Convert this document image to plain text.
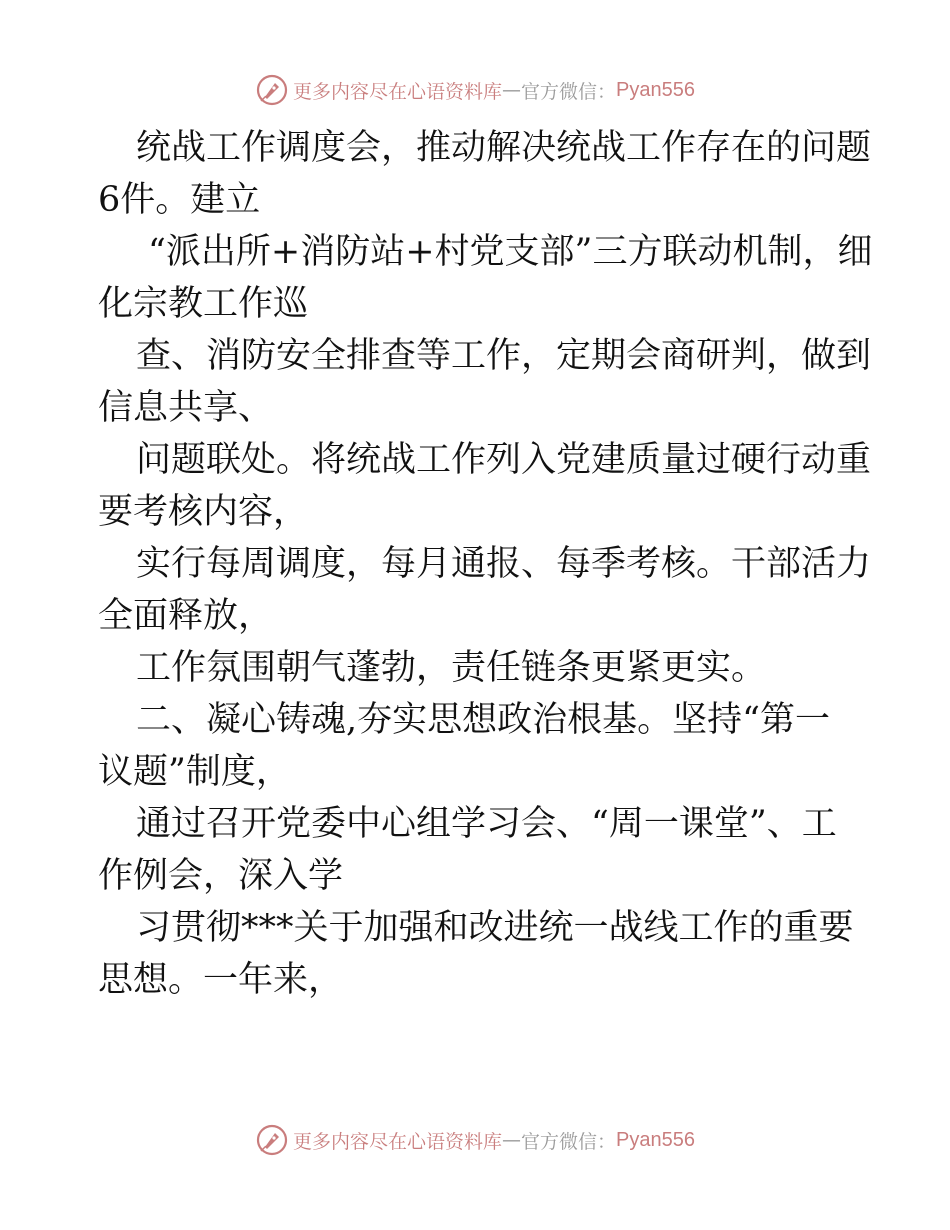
更多内容尽在心语资料库 — 官方微信： Pyan556
统战工作调度会，推动解决统战工作存在的问题
6件。建立
“派出所+消防站+村党支部”三方联动机制，细
化宗教工作巡
查、消防安全排查等工作，定期会商研判，做到
信息共享、
问题联处。将统战工作列入党建质量过硬行动重
要考核内容，
实行每周调度，每月通报、每季考核。干部活力
全面释放，
工作氛围朝气蓬勃，责任链条更紧更实。
二、凝心铸魂,夯实思想政治根基。坚持“第一
议题”制度，
通过召开党委中心组学习会、“周一课堂”、工
作例会，深入学
习贯彻***关于加强和改进统一战线工作的重要
思想。一年来，
更多内容尽在心语资料库 — 官方微信： Pyan556
